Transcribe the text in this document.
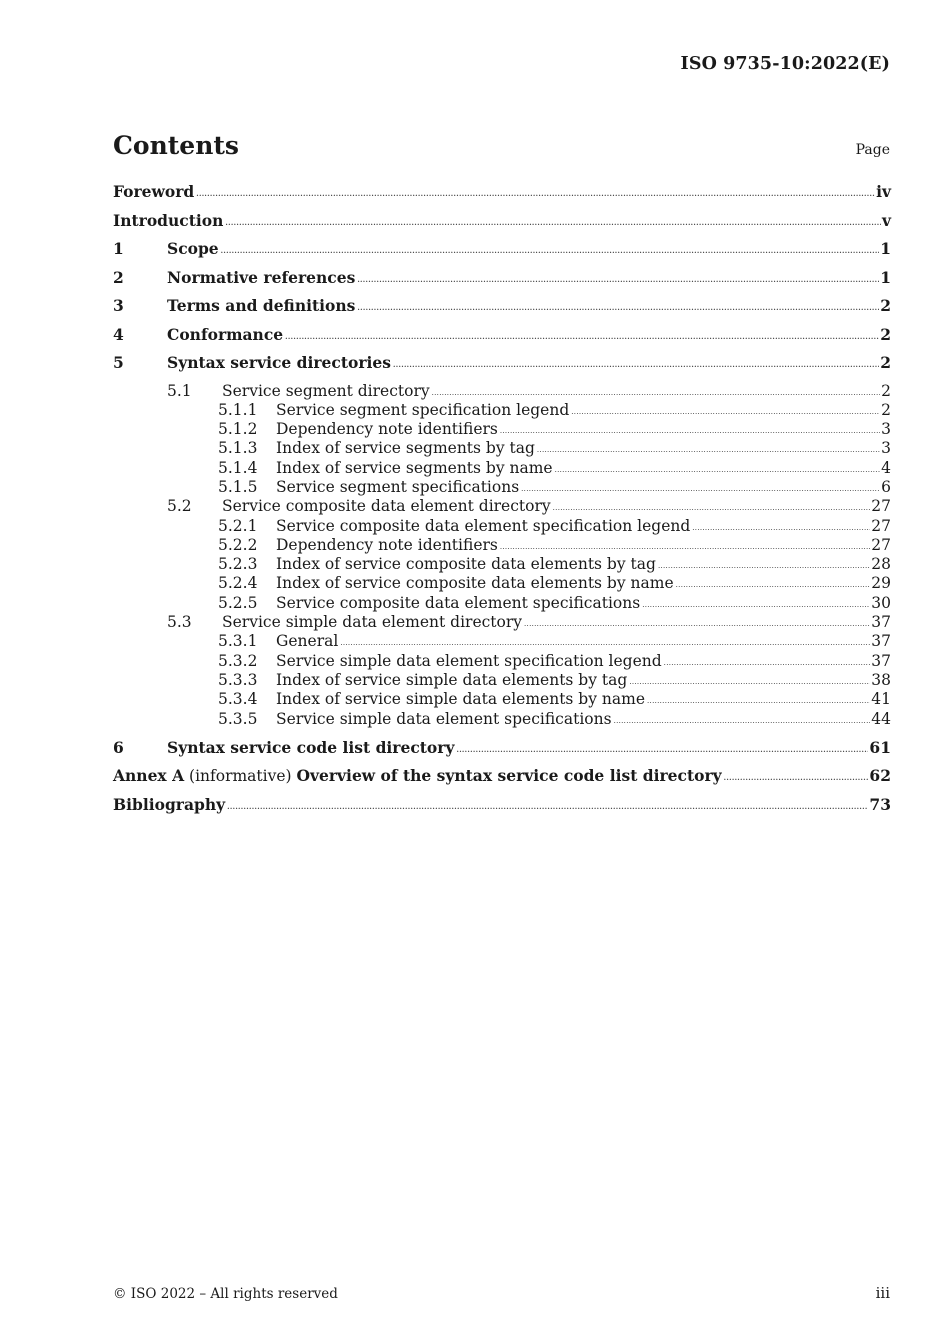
ISO 9735-10:2022(E)
Contents	Page
Foreword .....	iv
Introduction .....	v
1	Scope .....	1
2	Normative references .....	1
3	Terms and definitions .....	2
4	Conformance .....	2
5	Syntax service directories .....	2
5.1	Service segment directory .....	2
5.1.1	Service segment specification legend .....	2
5.1.2	Dependency note identifiers .....	3
5.1.3	Index of service segments by tag .....	3
5.1.4	Index of service segments by name .....	4
5.1.5	Service segment specifications .....	6
5.2	Service composite data element directory .....	27
5.2.1	Service composite data element specification legend .....	27
5.2.2	Dependency note identifiers .....	27
5.2.3	Index of service composite data elements by tag .....	28
5.2.4	Index of service composite data elements by name .....	29
5.2.5	Service composite data element specifications .....	30
5.3	Service simple data element directory .....	37
5.3.1	General .....	37
5.3.2	Service simple data element specification legend .....	37
5.3.3	Index of service simple data elements by tag .....	38
5.3.4	Index of service simple data elements by name .....	41
5.3.5	Service simple data element specifications .....	44
6	Syntax service code list directory .....	61
Annex A (informative) Overview of the syntax service code list directory .....	62
Bibliography .....	73
© ISO 2022 – All rights reserved	iii
